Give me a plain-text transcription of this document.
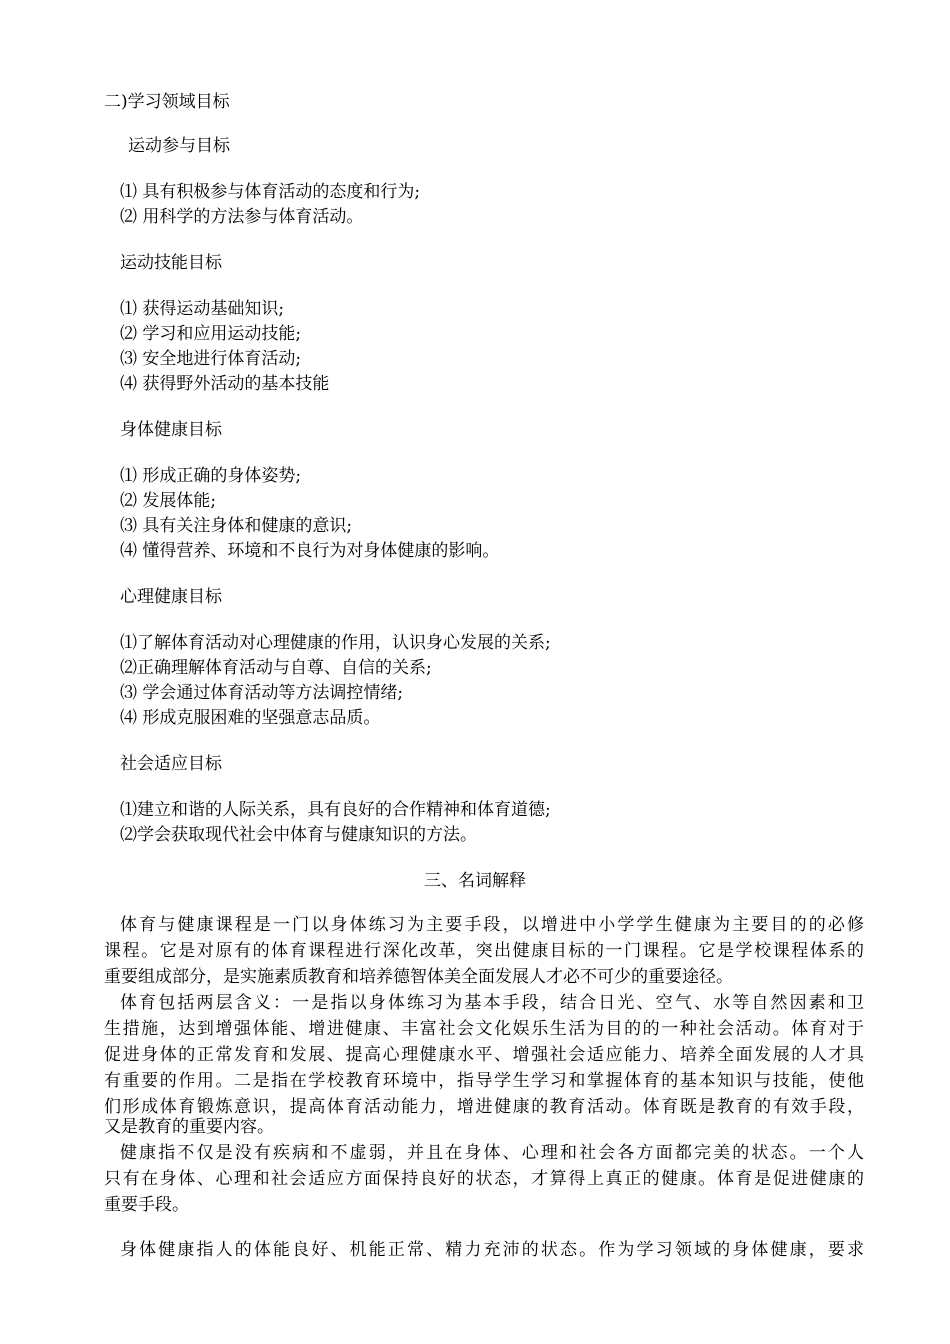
二)学习领域目标
运动参与目标
⑴ 具有积极参与体育活动的态度和行为;
⑵ 用科学的方法参与体育活动。
运动技能目标
⑴ 获得运动基础知识;
⑵ 学习和应用运动技能;
⑶ 安全地进行体育活动;
⑷ 获得野外活动的基本技能
身体健康目标
⑴ 形成正确的身体姿势;
⑵ 发展体能;
⑶ 具有关注身体和健康的意识;
⑷ 懂得营养、环境和不良行为对身体健康的影响。
心理健康目标
⑴了解体育活动对心理健康的作用，认识身心发展的关系;
⑵正确理解体育活动与自尊、自信的关系;
⑶ 学会通过体育活动等方法调控情绪;
⑷ 形成克服困难的坚强意志品质。
社会适应目标
⑴建立和谐的人际关系，具有良好的合作精神和体育道德;
⑵学会获取现代社会中体育与健康知识的方法。
三、名词解释
体育与健康课程是一门以身体练习为主要手段，以增进中小学学生健康为主要目的的必修
课程。它是对原有的体育课程进行深化改革，突出健康目标的一门课程。它是学校课程体系的
重要组成部分，是实施素质教育和培养德智体美全面发展人才必不可少的重要途径。
体育包括两层含义：一是指以身体练习为基本手段，结合日光、空气、水等自然因素和卫
生措施，达到增强体能、增进健康、丰富社会文化娱乐生活为目的的一种社会活动。体育对于
促进身体的正常发育和发展、提高心理健康水平、增强社会适应能力、培养全面发展的人才具
有重要的作用。二是指在学校教育环境中，指导学生学习和掌握体育的基本知识与技能，使他
们形成体育锻炼意识，提高体育活动能力，增进健康的教育活动。体育既是教育的有效手段，
又是教育的重要内容。
健康指不仅是没有疾病和不虚弱，并且在身体、心理和社会各方面都完美的状态。一个人
只有在身体、心理和社会适应方面保持良好的状态，才算得上真正的健康。体育是促进健康的
重要手段。
身体健康指人的体能良好、机能正常、精力充沛的状态。作为学习领域的身体健康，要求
